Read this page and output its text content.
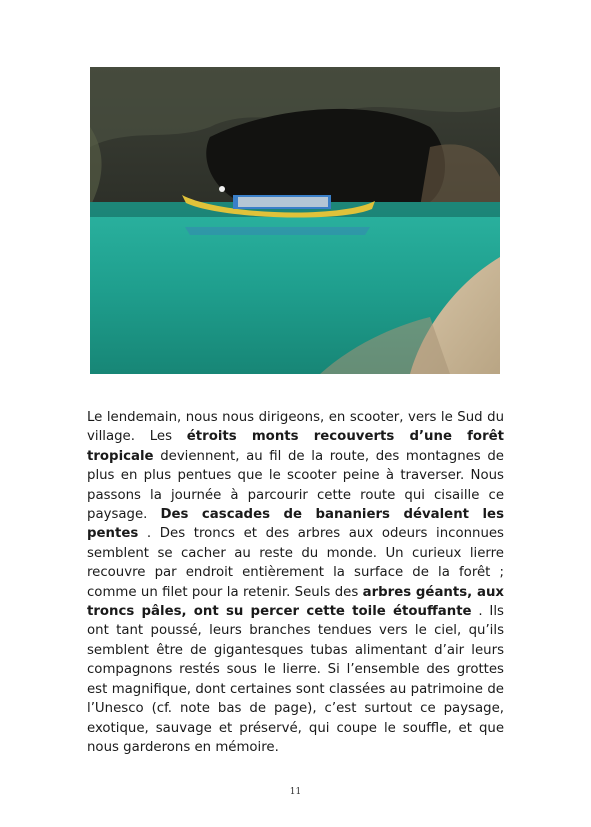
Le lendemain, nous nous dirigeons, en scooter, vers le Sud du village. Les étroits monts recouverts d’une forêt tropicale deviennent, au fil de la route, des montagnes de plus en plus pentues que le scooter peine à traverser. Nous passons la journée à parcourir cette route qui cisaille ce paysage. Des cascades de bananiers dévalent les pentes . Des troncs et des arbres aux odeurs inconnues semblent se cacher au reste du monde. Un curieux lierre recouvre par endroit entièrement la surface de la forêt ; comme un filet pour la retenir. Seuls des arbres géants, aux troncs pâles, ont su percer cette toile étouffante . Ils ont tant poussé, leurs branches tendues vers le ciel, qu’ils semblent être de gigantesques tubas alimentant d’air leurs compagnons restés sous le lierre. Si l’ensemble des grottes est magnifique, dont certaines sont classées au patrimoine de l’Unesco (cf. note bas de page), c’est surtout ce paysage, exotique, sauvage et préservé, qui coupe le souffle, et que nous garderons en mémoire.

11
